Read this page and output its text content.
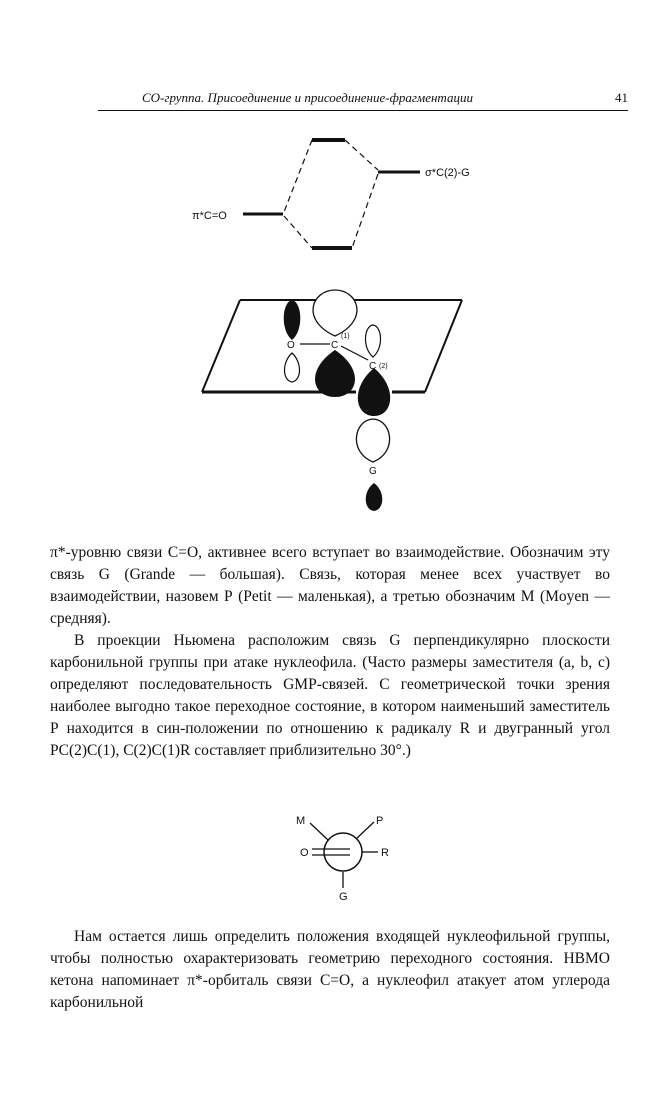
СО-группа. Присоединение и присоединение-фрагментации	41
π*C=O
σ*C(2)-G
O	C
(1)
C (2)
G

π*-уровню связи С=О, активнее всего вступает во взаимодействие. Обозначим эту связь G (Grande — большая). Связь, которая менее всех участвует во взаимодействии, назовем Р (Petit — маленькая), а третью обозначим М (Moyen — средняя).

В проекции Ньюмена расположим связь G перпендикулярно плоскости карбонильной группы при атаке нуклеофила. (Часто размеры заместителя (a, b, с) определяют последовательность GMP-связей. С геометрической точки зрения наиболее выгодно такое переходное состояние, в котором наименьший заместитель Р находится в син-положении по отношению к радикалу R и двугранный угол PC(2)C(1), C(2)C(1)R составляет приблизительно 30°.)

M	P
O	R
G

Нам остается лишь определить положения входящей нуклеофильной группы, чтобы полностью охарактеризовать геометрию переходного состояния. НВМО кетона напоминает π*-орбиталь связи С=О, а нуклеофил атакует атом углерода карбонильной
